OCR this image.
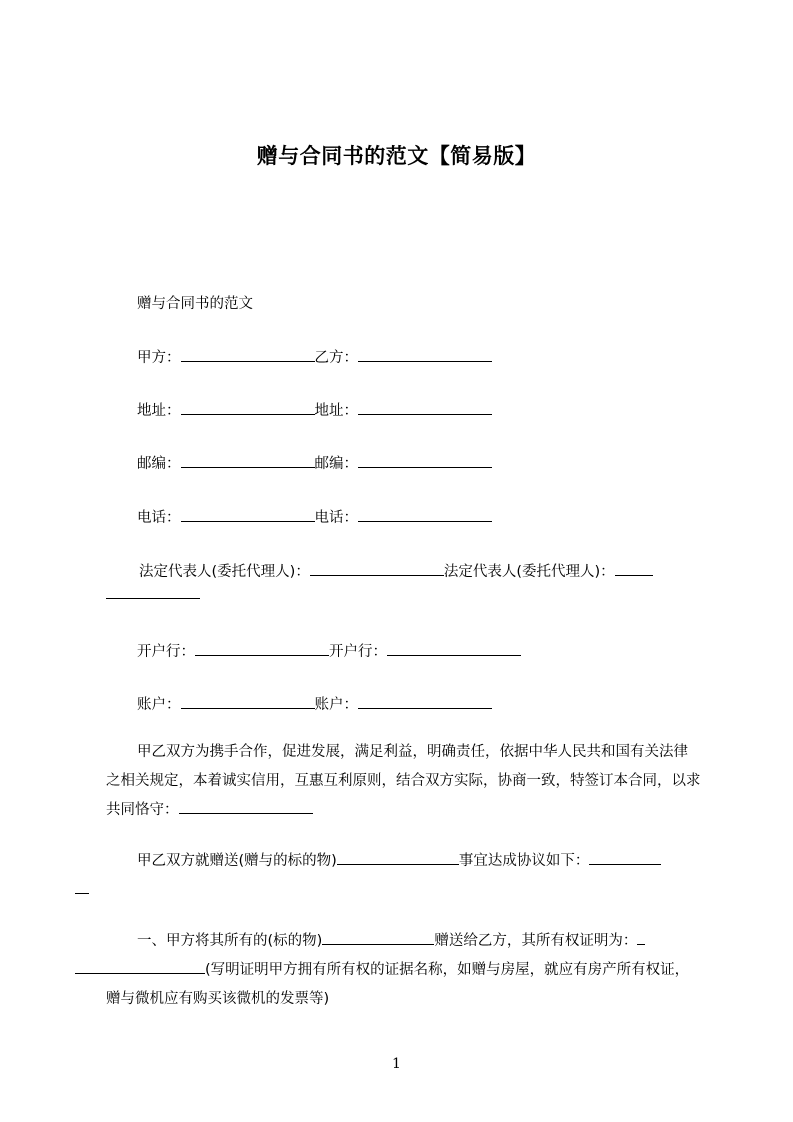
赠与合同书的范文【简易版】
赠与合同书的范文
甲方：	乙方：
地址：	地址：
邮编：	邮编：
电话：	电话：
法定代表人(委托代理人)：	法定代表人(委托代理人)：
开户行：	开户行：
账户：	账户：
甲乙双方为携手合作，促进发展，满足利益，明确责任，依据中华人民共和国有关法律之相关规定，本着诚实信用，互惠互利原则，结合双方实际，协商一致，特签订本合同，以求共同恪守：
甲乙双方就赠送(赠与的标的物)	事宜达成协议如下：

一、甲方将其所有的(标的物)	赠送给乙方，其所有权证明为：
(写明证明甲方拥有所有权的证据名称，如赠与房屋，就应有房产所有权证，赠与微机应有购买该微机的发票等)
1
